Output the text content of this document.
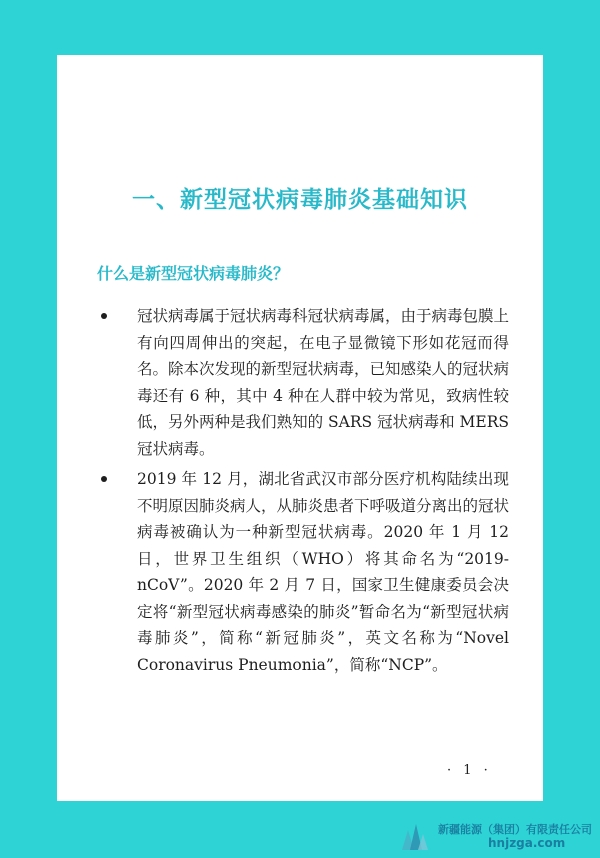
一、新型冠状病毒肺炎基础知识
什么是新型冠状病毒肺炎？
冠状病毒属于冠状病毒科冠状病毒属，由于病毒包膜上有向四周伸出的突起，在电子显微镜下形如花冠而得名。除本次发现的新型冠状病毒，已知感染人的冠状病毒还有 6 种，其中 4 种在人群中较为常见，致病性较低，另外两种是我们熟知的 SARS 冠状病毒和 MERS 冠状病毒。
2019 年 12 月，湖北省武汉市部分医疗机构陆续出现不明原因肺炎病人，从肺炎患者下呼吸道分离出的冠状病毒被确认为一种新型冠状病毒。2020 年 1 月 12 日，世界卫生组织（WHO）将其命名为“2019-nCoV”。2020 年 2 月 7 日，国家卫生健康委员会决定将“新型冠状病毒感染的肺炎”暂命名为“新型冠状病毒肺炎”，简称“新冠肺炎”，英文名称为“Novel Coronavirus Pneumonia”，简称“NCP”。
· 1 ·
新疆能源（集团）有限责任公司
hnjzga.com
